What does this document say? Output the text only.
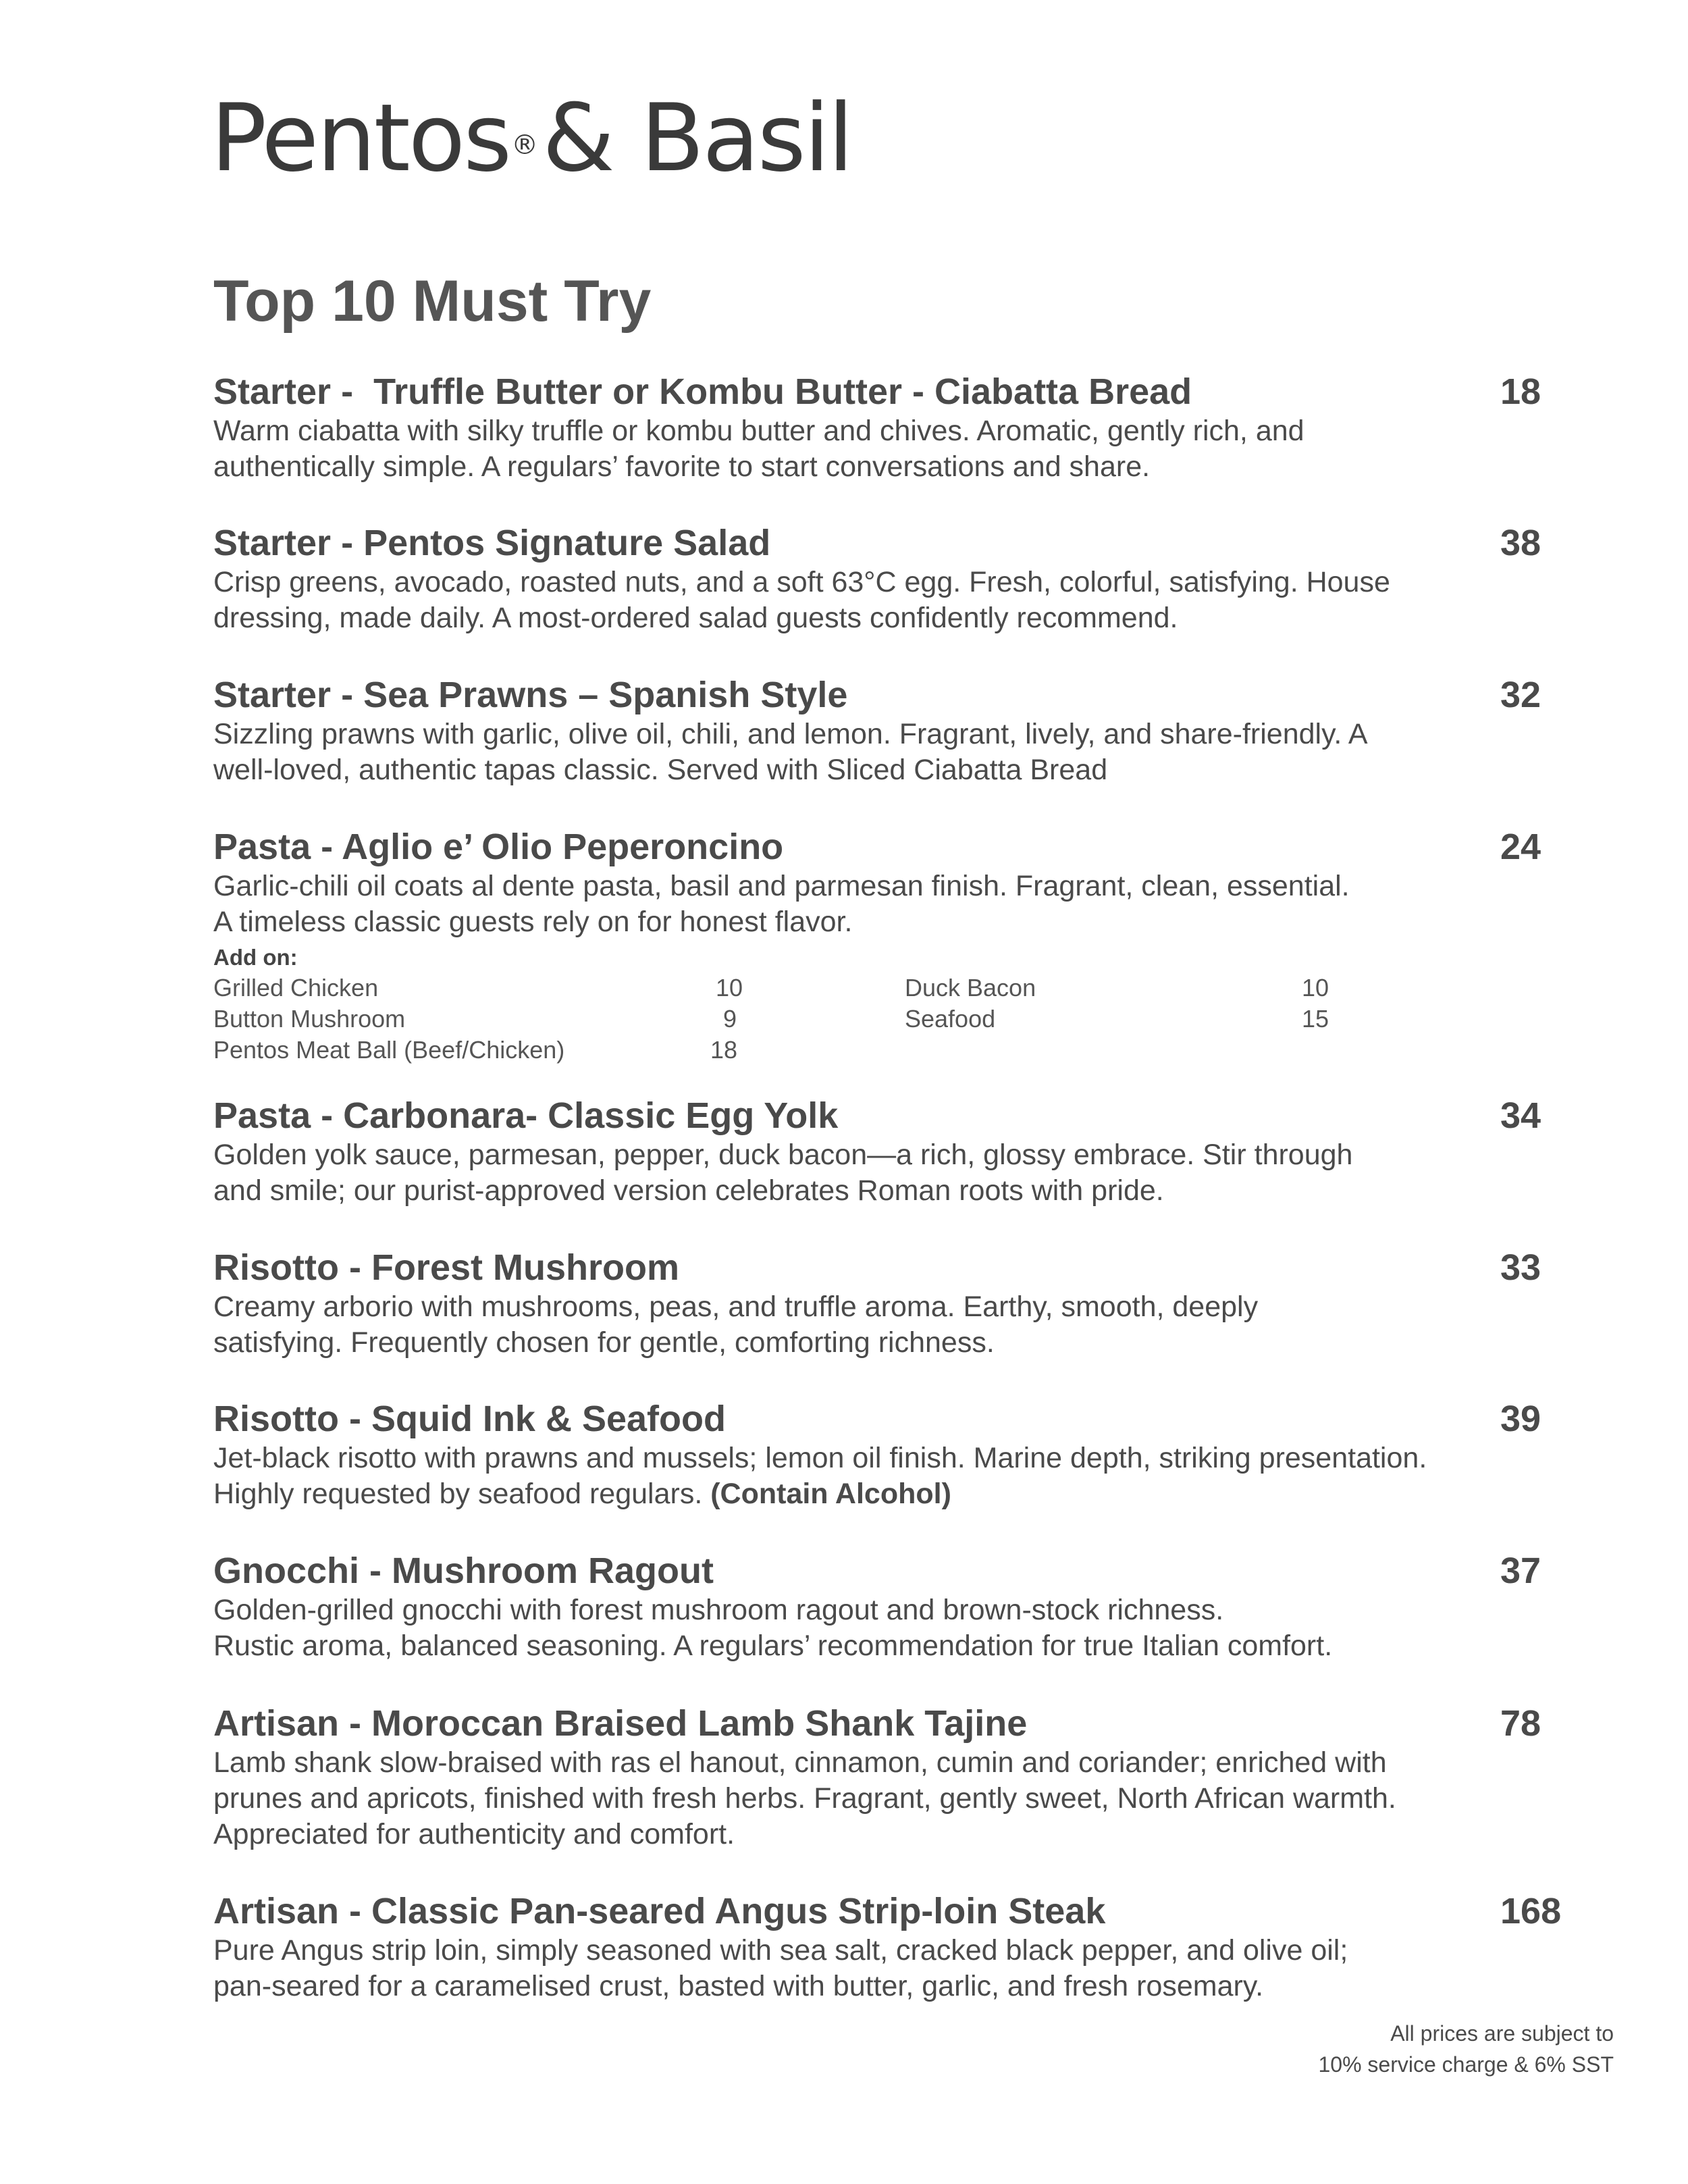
Pentos®& Basil
Top 10 Must Try
Starter -  Truffle Butter or Kombu Butter - Ciabatta Bread	18
Warm ciabatta with silky truffle or kombu butter and chives. Aromatic, gently rich, and
authentically simple. A regulars’ favorite to start conversations and share.
Starter - Pentos Signature Salad	38
Crisp greens, avocado, roasted nuts, and a soft 63°C egg. Fresh, colorful, satisfying. House
dressing, made daily. A most-ordered salad guests confidently recommend.
Starter - Sea Prawns – Spanish Style	32
Sizzling prawns with garlic, olive oil, chili, and lemon. Fragrant, lively, and share-friendly. A
well-loved, authentic tapas classic. Served with Sliced Ciabatta Bread
Pasta - Aglio e’ Olio Peperoncino	24
Garlic-chili oil coats al dente pasta, basil and parmesan finish. Fragrant, clean, essential.
A timeless classic guests rely on for honest flavor.
Add on:
Grilled Chicken	10	Duck Bacon	10
Button Mushroom	9	Seafood	15
Pentos Meat Ball (Beef/Chicken)	18
Pasta - Carbonara- Classic Egg Yolk	34
Golden yolk sauce, parmesan, pepper, duck bacon—a rich, glossy embrace. Stir through
and smile; our purist-approved version celebrates Roman roots with pride.
Risotto - Forest Mushroom	33
Creamy arborio with mushrooms, peas, and truffle aroma. Earthy, smooth, deeply
satisfying. Frequently chosen for gentle, comforting richness.
Risotto - Squid Ink & Seafood	39
Jet-black risotto with prawns and mussels; lemon oil finish. Marine depth, striking presentation.
Highly requested by seafood regulars. (Contain Alcohol)
Gnocchi - Mushroom Ragout	37
Golden-grilled gnocchi with forest mushroom ragout and brown-stock richness.
Rustic aroma, balanced seasoning. A regulars’ recommendation for true Italian comfort.
Artisan - Moroccan Braised Lamb Shank Tajine	78
Lamb shank slow-braised with ras el hanout, cinnamon, cumin and coriander; enriched with
prunes and apricots, finished with fresh herbs. Fragrant, gently sweet, North African warmth.
Appreciated for authenticity and comfort.
Artisan - Classic Pan-seared Angus Strip-loin Steak	168
Pure Angus strip loin, simply seasoned with sea salt, cracked black pepper, and olive oil;
pan-seared for a caramelised crust, basted with butter, garlic, and fresh rosemary.
All prices are subject to
10% service charge & 6% SST
